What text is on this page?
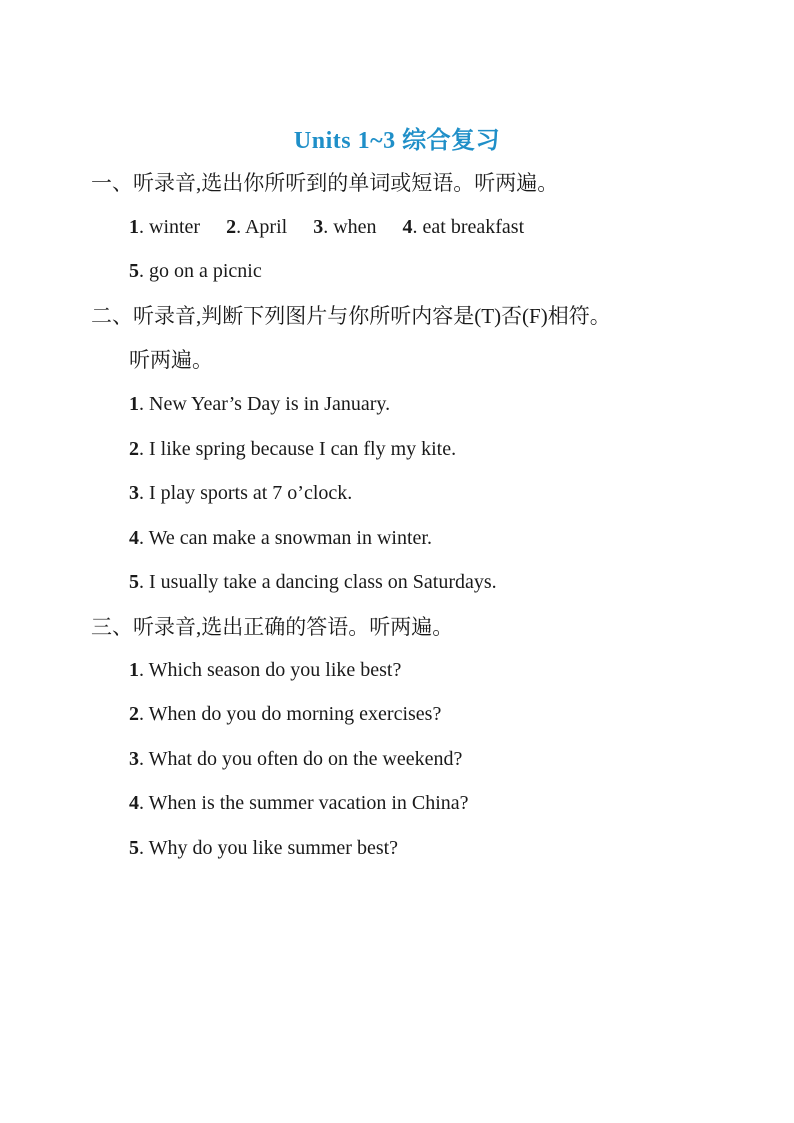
Units 1~3 综合复习
一、听录音,选出你所听到的单词或短语。听两遍。
1. winter 2. April 3. when 4. eat breakfast
5. go on a picnic
二、听录音,判断下列图片与你所听内容是(T)否(F)相符。
听两遍。
1. New Year’s Day is in January.
2. I like spring because I can fly my kite.
3. I play sports at 7 o’clock.
4. We can make a snowman in winter.
5. I usually take a dancing class on Saturdays.
三、听录音,选出正确的答语。听两遍。
1. Which season do you like best?
2. When do you do morning exercises?
3. What do you often do on the weekend?
4. When is the summer vacation in China?
5. Why do you like summer best?
